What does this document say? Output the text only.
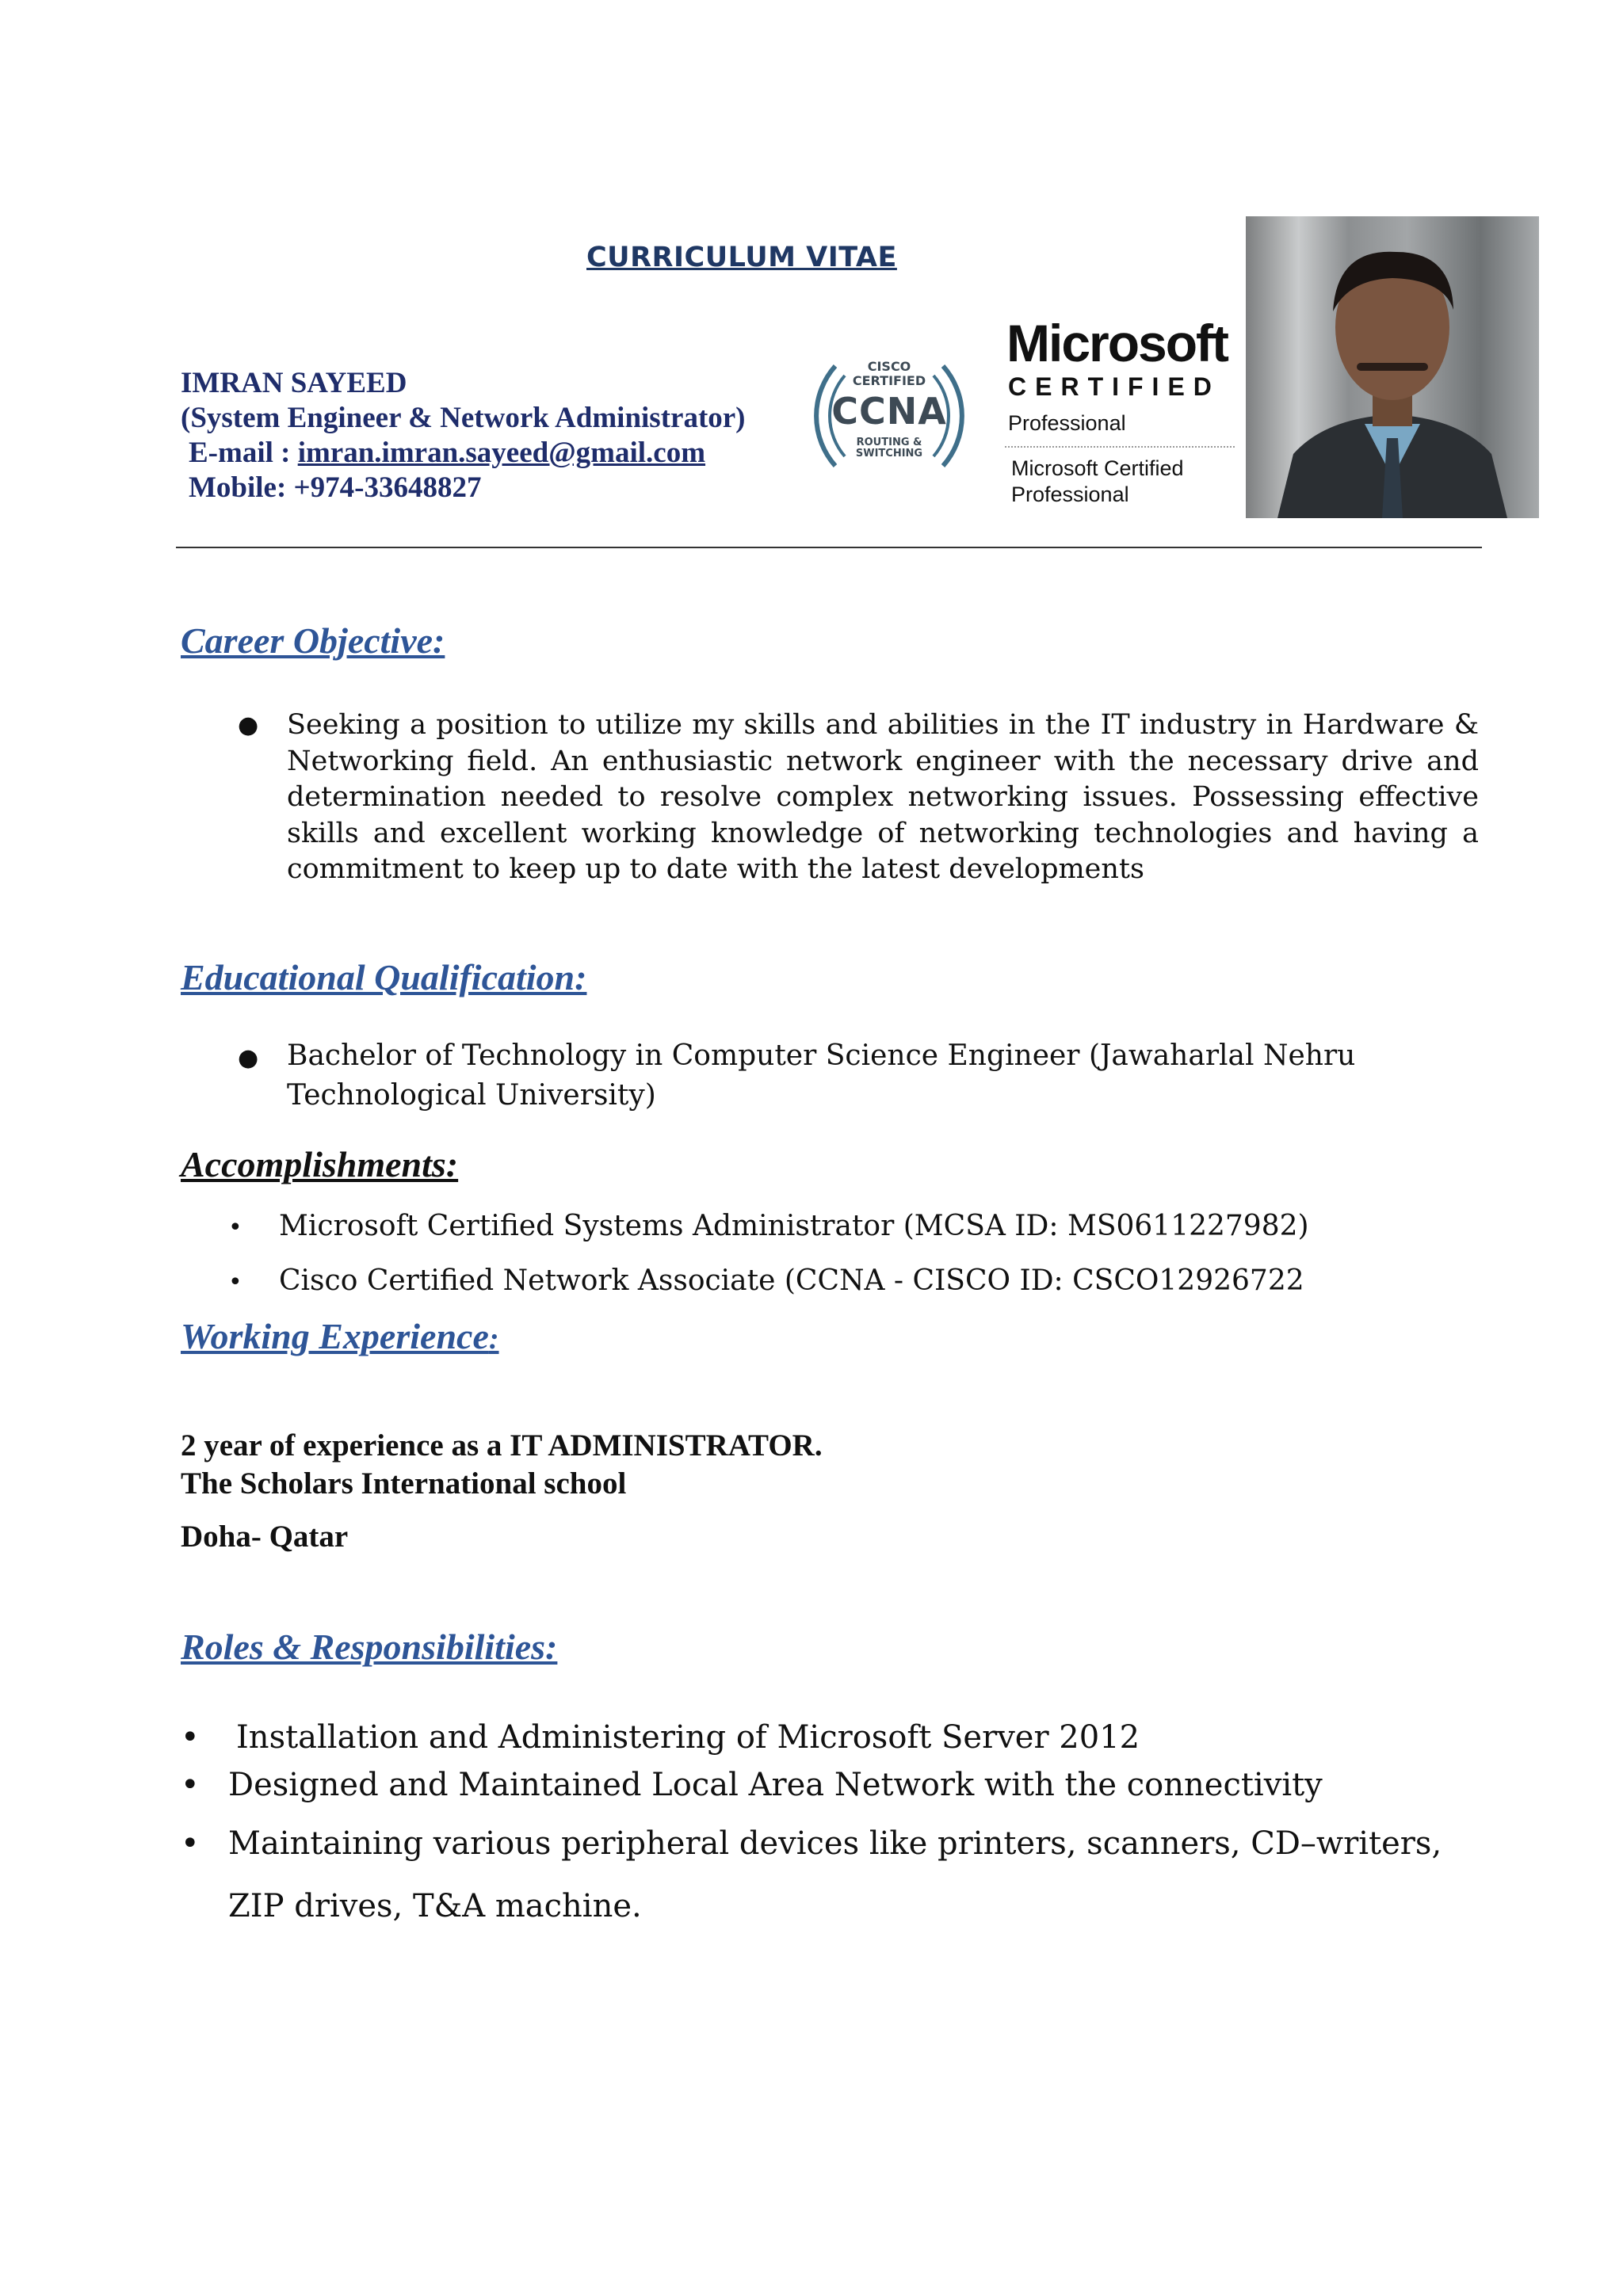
CURRICULUM VITAE
IMRAN SAYEED
(System Engineer & Network Administrator)
E-mail : imran.imran.sayeed@gmail.com
Mobile: +974-33648827
CISCO
CERTIFIED
CCNA
ROUTING &
SWITCHING
Microsoft
CERTIFIED
Professional
Microsoft Certified
Professional
Career Objective:
● Seeking a position to utilize my skills and abilities in the IT industry in Hardware & Networking field. An enthusiastic network engineer with the necessary drive and determination needed to resolve complex networking issues. Possessing effective skills and excellent working knowledge of networking technologies and having a commitment to keep up to date with the latest developments
Educational Qualification:
● Bachelor of Technology in Computer Science Engineer (Jawaharlal Nehru
Technological University)
Accomplishments:
• Microsoft Certified Systems Administrator (MCSA ID: MS0611227982)
• Cisco Certified Network Associate (CCNA - CISCO ID: CSCO12926722
Working Experience:
2 year of experience as a IT ADMINISTRATOR.
The Scholars International school
Doha- Qatar
Roles & Responsibilities:
• Installation and Administering of Microsoft Server 2012
• Designed and Maintained Local Area Network with the connectivity
• Maintaining various peripheral devices like printers, scanners, CD–writers,
ZIP drives, T&A machine.
